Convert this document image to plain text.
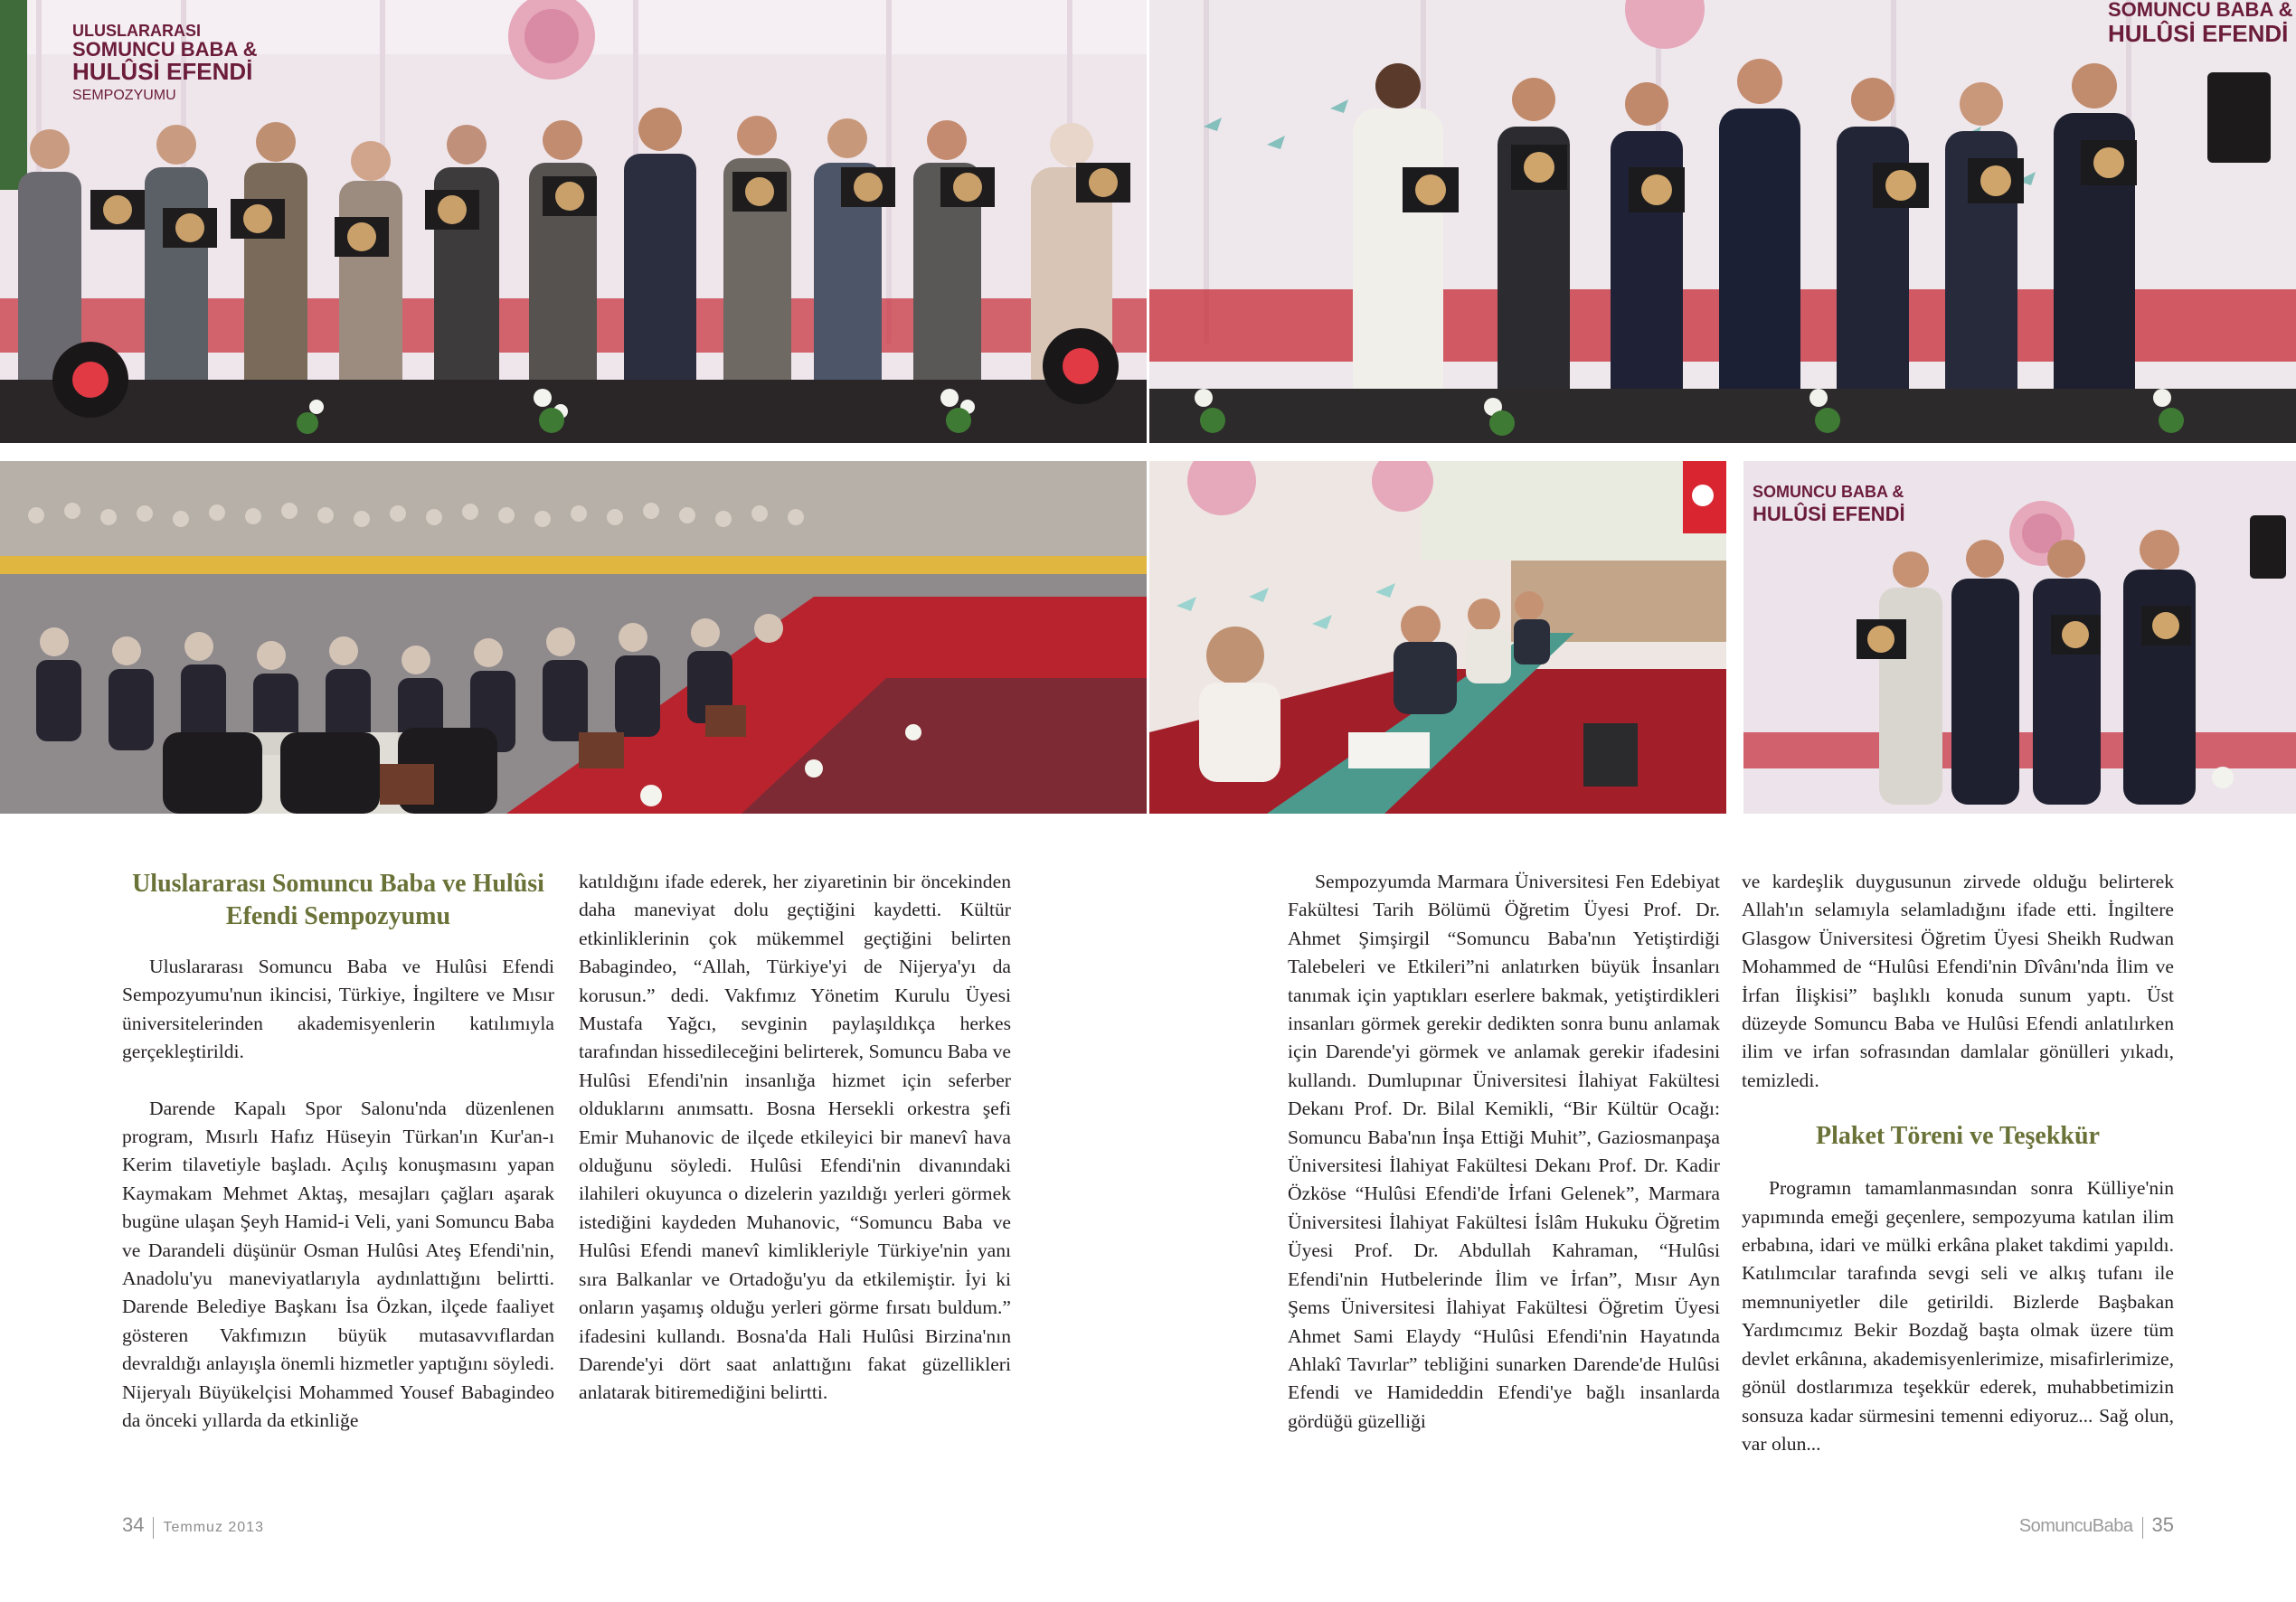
ULUSLARARASI
SOMUNCU BABA &
HULÛSİ EFENDİ
SEMPOZYUMU
SOMUNCU BABA &
HULÛSİ EFENDİ
SOMUNCU BABA &
HULÛSİ EFENDİ
Uluslararası Somuncu Baba ve Hulûsi Efendi Sempozyumu

Uluslararası Somuncu Baba ve Hulûsi Efendi Sempozyumu'nun ikincisi, Türkiye, İngiltere ve Mısır üniversitelerinden akademisyenlerin katılımıyla gerçekleştirildi.

Darende Kapalı Spor Salonu'nda düzenlenen program, Mısırlı Hafız Hüseyin Türkan'ın Kur'an-ı Kerim tilavetiyle başladı. Açılış konuşmasını yapan Kaymakam Mehmet Aktaş, mesajları çağları aşarak bugüne ulaşan Şeyh Hamid-i Veli, yani Somuncu Baba ve Darandeli düşünür Osman Hulûsi Ateş Efendi'nin, Anadolu'yu maneviyatlarıyla aydınlattığını belirtti. Darende Belediye Başkanı İsa Özkan, ilçede faaliyet gösteren Vakfımızın büyük mutasavvıflardan devraldığı anlayışla önemli hizmetler yaptığını söyledi. Nijeryalı Büyükelçisi Mohammed Yousef Babagindeo da önceki yıllarda da etkinliğe

katıldığını ifade ederek, her ziyaretinin bir öncekinden daha maneviyat dolu geçtiğini kaydetti. Kültür etkinliklerinin çok mükemmel geçtiğini belirten Babagindeo, “Allah, Türkiye'yi de Nijerya'yı da korusun.” dedi. Vakfımız Yönetim Kurulu Üyesi Mustafa Yağcı, sevginin paylaşıldıkça herkes tarafından hissedileceğini belirterek, Somuncu Baba ve Hulûsi Efendi'nin insanlığa hizmet için seferber olduklarını anımsattı. Bosna Hersekli orkestra şefi Emir Muhanovic de ilçede etkileyici bir manevî hava olduğunu söyledi. Hulûsi Efendi'nin divanındaki ilahileri okuyunca o dizelerin yazıldığı yerleri görmek istediğini kaydeden Muhanovic, “Somuncu Baba ve Hulûsi Efendi manevî kimlikleriyle Türkiye'nin yanı sıra Balkanlar ve Ortadoğu'yu da etkilemiştir. İyi ki onların yaşamış olduğu yerleri görme fırsatı buldum.” ifadesini kullandı. Bosna'da Hali Hulûsi Birzina'nın Darende'yi dört saat anlattığını fakat güzellikleri anlatarak bitiremediğini belirtti.

Sempozyumda Marmara Üniversitesi Fen Edebiyat Fakültesi Tarih Bölümü Öğretim Üyesi Prof. Dr. Ahmet Şimşirgil “Somuncu Baba'nın Yetiştirdiği Talebeleri ve Etkileri”ni anlatırken büyük İnsanları tanımak için yaptıkları eserlere bakmak, yetiştirdikleri insanları görmek gerekir dedikten sonra bunu anlamak için Darende'yi görmek ve anlamak gerekir ifadesini kullandı. Dumlupınar Üniversitesi İlahiyat Fakültesi Dekanı Prof. Dr. Bilal Kemikli, “Bir Kültür Ocağı: Somuncu Baba'nın İnşa Ettiği Muhit”, Gaziosmanpaşa Üniversitesi İlahiyat Fakültesi Dekanı Prof. Dr. Kadir Özköse “Hulûsi Efendi'de İrfani Gelenek”, Marmara Üniversitesi İlahiyat Fakültesi İslâm Hukuku Öğretim Üyesi Prof. Dr. Abdullah Kahraman, “Hulûsi Efendi'nin Hutbelerinde İlim ve İrfan”, Mısır Ayn Şems Üniversitesi İlahiyat Fakültesi Öğretim Üyesi Ahmet Sami Elaydy “Hulûsi Efendi'nin Hayatında Ahlakî Tavırlar” tebliğini sunarken Darende'de Hulûsi Efendi ve Hamideddin Efendi'ye bağlı insanlarda gördüğü güzelliği

ve kardeşlik duygusunun zirvede olduğu belirterek Allah'ın selamıyla selamladığını ifade etti. İngiltere Glasgow Üniversitesi Öğretim Üyesi Sheikh Rudwan Mohammed de “Hulûsi Efendi'nin Dîvânı'nda İlim ve İrfan İlişkisi” başlıklı konuda sunum yaptı. Üst düzeyde Somuncu Baba ve Hulûsi Efendi anlatılırken ilim ve irfan sofrasından damlalar gönülleri yıkadı, temizledi.

Plaket Töreni ve Teşekkür

Programın tamamlanmasından sonra Külliye'nin yapımında emeği geçenlere, sempozyuma katılan ilim erbabına, idari ve mülki erkâna plaket takdimi yapıldı. Katılımcılar tarafında sevgi seli ve alkış tufanı ile memnuniyetler dile getirildi. Bizlerde Başbakan Yardımcımız Bekir Bozdağ başta olmak üzere tüm devlet erkânına, akademisyenlerimize, misafirlerimize, gönül dostlarımıza teşekkür ederek, muhabbetimizin sonsuza kadar sürmesini temenni ediyoruz... Sağ olun, var olun...

34 Temmuz 2013	SomuncuBaba 35
